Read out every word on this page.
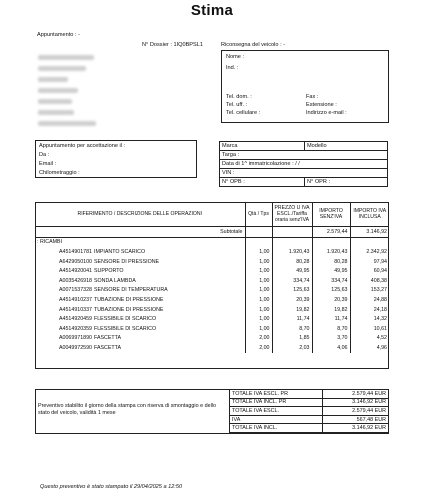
Stima
Appuntamento : -
N° Dossier : 1IQ0BPSL1	Riconsegna del veicolo : -
Nome :
Ind. :
Tel. dom. :
Tel. uff. :
Tel. cellulare :
Fax :
Estensione :
Indirizzo e-mail :
Appuntamento per accettazione il :
Da :
Email :
Chilometraggio :
Marca	Modello
Targa :	
Data di 1^ immatricolazione : / /	
VIN :	
N° OPB :	N° OPR :
RIFERIMENTO / DESCRIZIONE DELLE OPERAZIONI	Qtà / Tps	PREZZO U IVA ESCL./Tariffa oraria senz'IVA	IMPORTO SENZ'IVA	IMPORTO IVA INCLUSA
Subtotale			2.579,44	3.146,92
: RICAMBI				
A4514901781 IMPIANTO SCARICO	1,00	1.920,43	1.920,43	2.342,92
A6429050100 SENSORE DI PRESSIONE	1,00	80,28	80,28	97,94
A4514920041 SUPPORTO	1,00	49,95	49,95	60,94
A0035426918 SONDA LAMBDA	1,00	334,74	334,74	408,38
A0071537328 SENSORE DI TEMPERATURA	1,00	125,63	125,63	153,27
A4514910237 TUBAZIONE DI PRESSIONE	1,00	20,39	20,39	24,88
A4514910337 TUBAZIONE DI PRESSIONE	1,00	19,82	19,82	24,18
A4514920459 FLESSIBILE DI SCARICO	1,00	11,74	11,74	14,32
A4514920359 FLESSIBILE DI SCARICO	1,00	8,70	8,70	10,61
A0069971890 FASCETTA	2,00	1,85	3,70	4,52
A0049972590 FASCETTA	2,00	2,03	4,06	4,96
Preventivo stabilito il giorno della stampa con riserva di smontaggio e dello stato del veicolo, validità 1 mese
TOTALE IVA ESCL. PR	2.579,44 EUR
TOTALE IVA INCL. PR	3.146,92 EUR
TOTALE IVA ESCL.	2.579,44 EUR
IVA	567,48 EUR
TOTALE IVA INCL.	3.146,92 EUR
Questo preventivo è stato stampato il 29/04/2025 a 12:50
